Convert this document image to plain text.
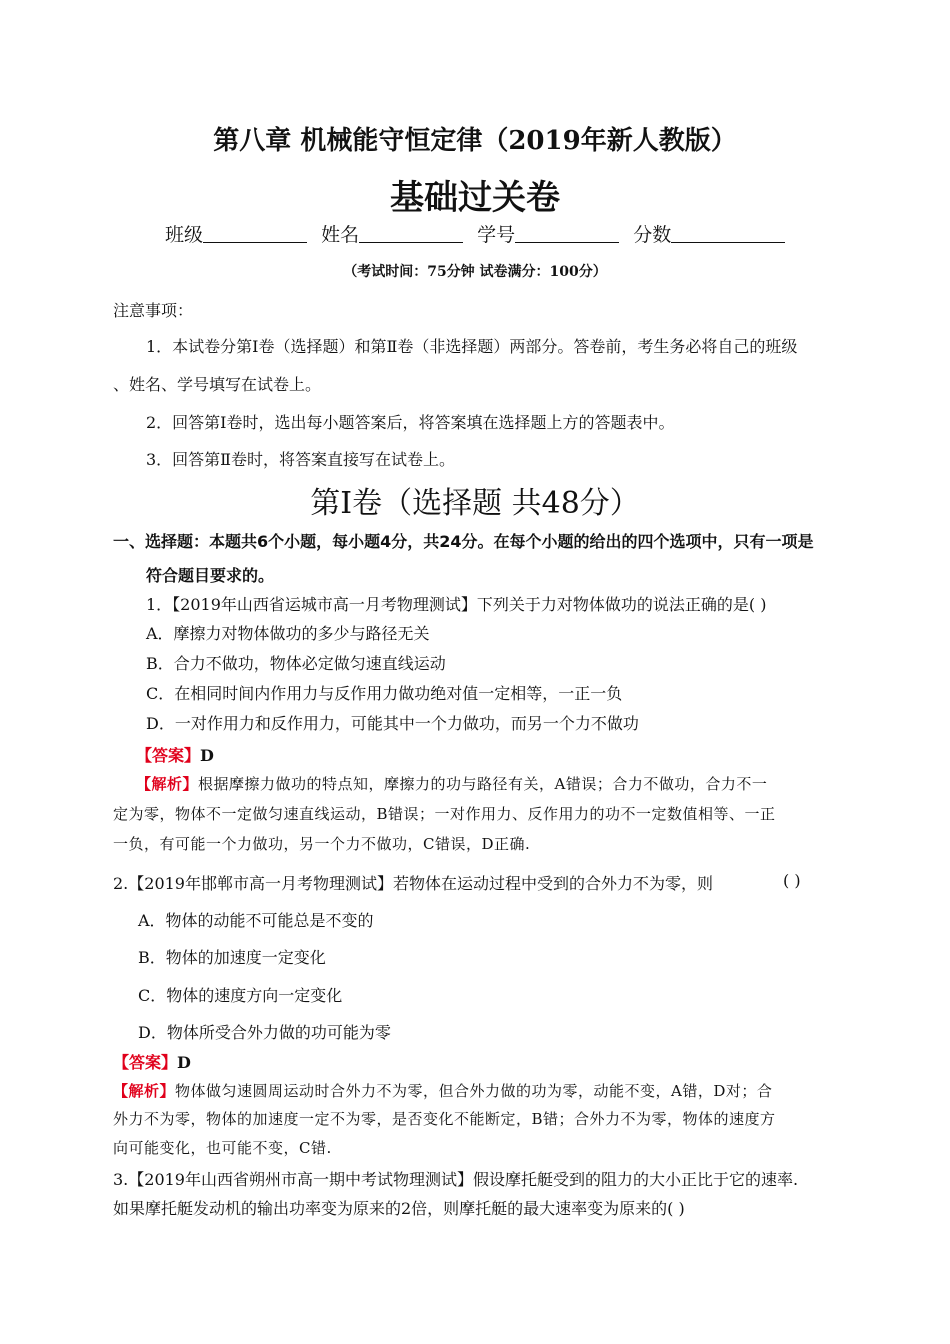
第八章 机械能守恒定律（2019年新人教版）
基础过关卷
班级	姓名	学号	分数
（考试时间：75分钟 试卷满分：100分）
注意事项：
1．本试卷分第Ⅰ卷（选择题）和第Ⅱ卷（非选择题）两部分。答卷前，考生务必将自己的班级
、姓名、学号填写在试卷上。
2．回答第Ⅰ卷时，选出每小题答案后，将答案填在选择题上方的答题表中。
3．回答第Ⅱ卷时，将答案直接写在试卷上。
第Ⅰ卷（选择题 共48分）
一、选择题：本题共6个小题，每小题4分，共24分。在每个小题的给出的四个选项中，只有一项是
符合题目要求的。
1．【2019年山西省运城市高一月考物理测试】下列关于力对物体做功的说法正确的是( )
A．摩擦力对物体做功的多少与路径无关
B．合力不做功，物体必定做匀速直线运动
C．在相同时间内作用力与反作用力做功绝对值一定相等，一正一负
D．一对作用力和反作用力，可能其中一个力做功，而另一个力不做功
【答案】D
【解析】根据摩擦力做功的特点知，摩擦力的功与路径有关，A错误；合力不做功，合力不一
定为零，物体不一定做匀速直线运动，B错误；一对作用力、反作用力的功不一定数值相等、一正
一负，有可能一个力做功，另一个力不做功，C错误，D正确.
2.【2019年邯郸市高一月考物理测试】若物体在运动过程中受到的合外力不为零，则	( )
A．物体的动能不可能总是不变的
B．物体的加速度一定变化
C．物体的速度方向一定变化
D．物体所受合外力做的功可能为零
【答案】D
【解析】物体做匀速圆周运动时合外力不为零，但合外力做的功为零，动能不变，A错，D对；合
外力不为零，物体的加速度一定不为零，是否变化不能断定，B错；合外力不为零，物体的速度方
向可能变化，也可能不变，C错.
3.【2019年山西省朔州市高一期中考试物理测试】假设摩托艇受到的阻力的大小正比于它的速率.
如果摩托艇发动机的输出功率变为原来的2倍，则摩托艇的最大速率变为原来的( )
